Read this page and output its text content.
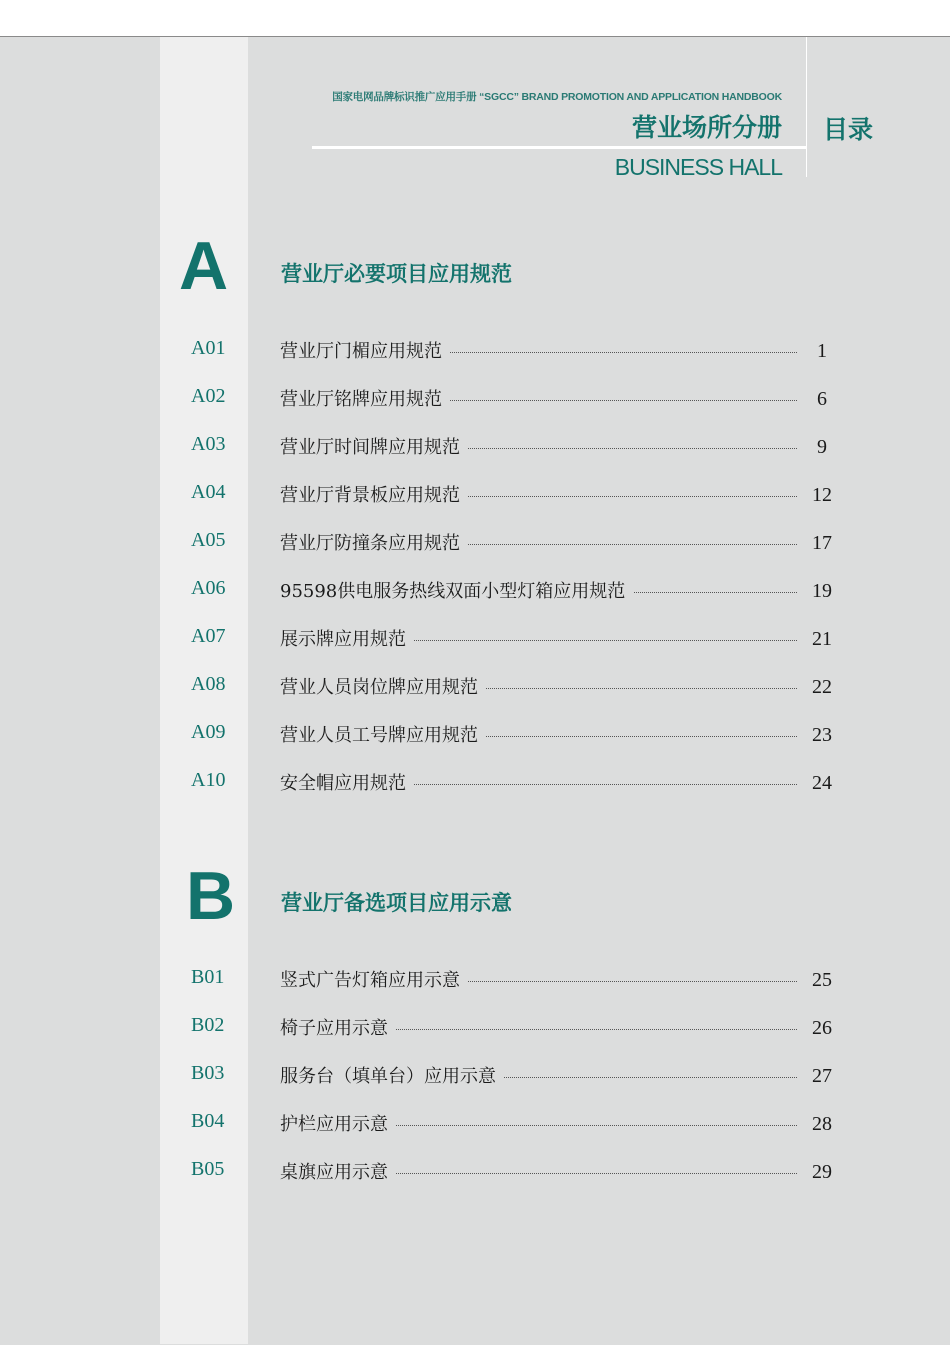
国家电网品牌标识推广应用手册 “SGCC” BRAND PROMOTION AND APPLICATION HANDBOOK
营业场所分册
BUSINESS HALL
目录
A	营业厅必要项目应用规范
A01	营业厅门楣应用规范	1
A02	营业厅铭牌应用规范	6
A03	营业厅时间牌应用规范	9
A04	营业厅背景板应用规范	12
A05	营业厅防撞条应用规范	17
A06	95598供电服务热线双面小型灯箱应用规范	19
A07	展示牌应用规范	21
A08	营业人员岗位牌应用规范	22
A09	营业人员工号牌应用规范	23
A10	安全帽应用规范	24
B 营业厅备选项目应用示意
B01	竖式广告灯箱应用示意	25
B02	椅子应用示意	26
B03	服务台（填单台）应用示意	27
B04	护栏应用示意	28
B05	桌旗应用示意	29
